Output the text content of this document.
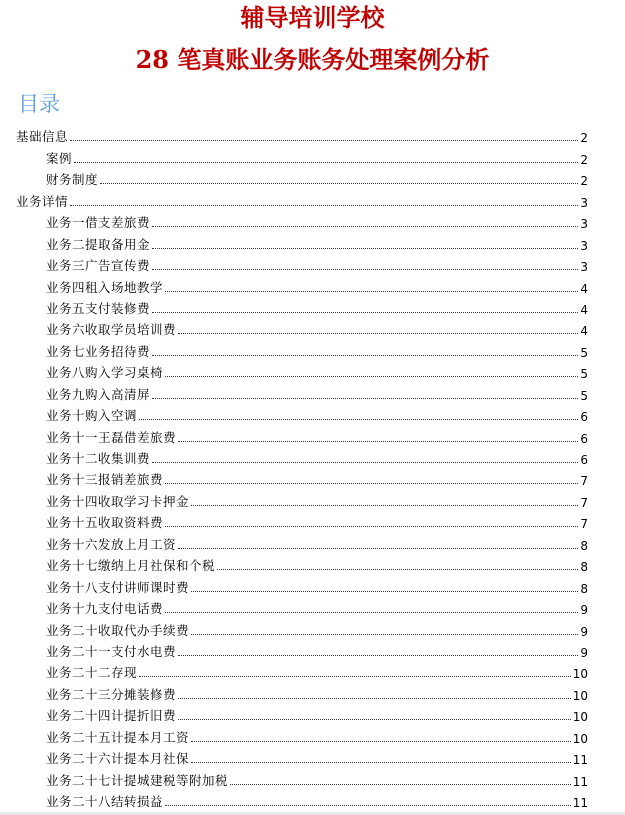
辅导培训学校
28 笔真账业务账务处理案例分析
目录
基础信息	2
案例	2
财务制度	2
业务详情	3
业务一借支差旅费	3
业务二提取备用金	3
业务三广告宣传费	3
业务四租入场地教学	4
业务五支付装修费	4
业务六收取学员培训费	4
业务七业务招待费	5
业务八购入学习桌椅	5
业务九购入高清屏	5
业务十购入空调	6
业务十一王磊借差旅费	6
业务十二收集训费	6
业务十三报销差旅费	7
业务十四收取学习卡押金	7
业务十五收取资料费	7
业务十六发放上月工资	8
业务十七缴纳上月社保和个税	8
业务十八支付讲师课时费	8
业务十九支付电话费	9
业务二十收取代办手续费	9
业务二十一支付水电费	9
业务二十二存现	10
业务二十三分摊装修费	10
业务二十四计提折旧费	10
业务二十五计提本月工资	10
业务二十六计提本月社保	11
业务二十七计提城建税等附加税	11
业务二十八结转损益	11
